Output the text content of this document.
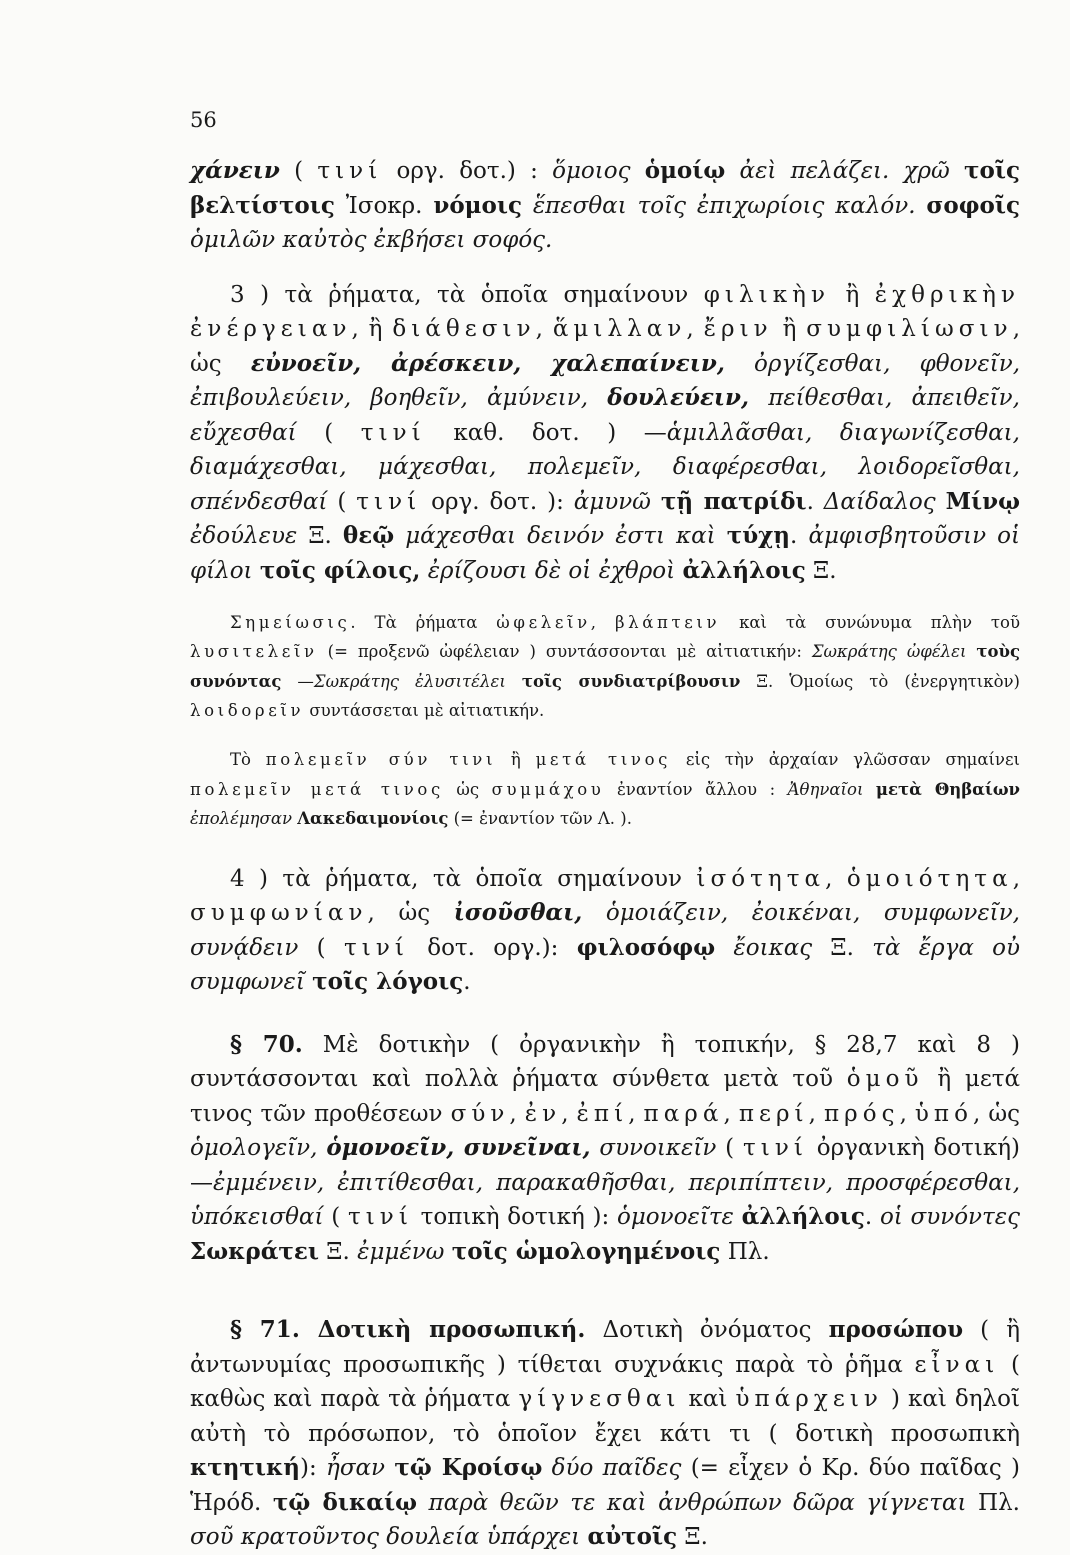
56

χάνειν ( τινί οργ. δοτ.) : ὅμοιος ὁμοίῳ ἀεὶ πελάζει. χρῶ τοῖς βελτίστοις Ἰσοκρ. νόμοις ἕπεσθαι τοῖς ἐπιχωρίοις καλόν. σοφοῖς ὁμιλῶν καὐτὸς ἐκβήσει σοφός.

3 ) τὰ ῥήματα, τὰ ὁποῖα σημαίνουν φιλικὴν ἢ ἐχθρικὴν ἐνέργειαν, ἢ διάθεσιν, ἅμιλλαν, ἔριν ἢ συμφιλίωσιν, ὡς εὐνοεῖν, ἀρέσκειν, χαλεπαίνειν, ὀργίζεσθαι, φθονεῖν, ἐπιβουλεύειν, βοηθεῖν, ἀμύνειν, δουλεύειν, πείθεσθαι, ἀπειθεῖν, εὔχεσθαί ( τινί καθ. δοτ. ) —ἁμιλλᾶσθαι, διαγωνίζεσθαι, διαμάχεσθαι, μάχεσθαι, πολεμεῖν, διαφέρεσθαι, λοιδορεῖσθαι, σπένδεσθαί ( τινί οργ. δοτ. ): ἀμυνῶ τῇ πατρίδι. Δαίδαλος Μίνῳ ἐδούλευε Ξ. θεῷ μάχεσθαι δεινόν ἐστι καὶ τύχῃ. ἀμφισβητοῦσιν οἱ φίλοι τοῖς φίλοις, ἐρίζουσι δὲ οἱ ἐχθροὶ ἀλλήλοις Ξ.

Σημείωσις. Τὰ ῥήματα ὠφελεῖν, βλάπτειν καὶ τὰ συνώνυμα πλὴν τοῦ λυσιτελεῖν (= προξενῶ ὠφέλειαν ) συντάσσονται μὲ αἰτιατικήν: Σωκράτης ὠφέλει τοὺς συνόντας —Σωκράτης ἐλυσιτέλει τοῖς συνδιατρίβουσιν Ξ. Ὁμοίως τὸ (ἐνεργητικὸν) λοιδορεῖν συντάσσεται μὲ αἰτιατικήν.

Τὸ πολεμεῖν σύν τινι ἢ μετά τινος εἰς τὴν ἀρχαίαν γλῶσσαν σημαίνει πολεμεῖν μετά τινος ὡς συμμάχου ἐναντίον ἄλλου : Ἀθηναῖοι μετὰ Θηβαίων ἐπολέμησαν Λακεδαιμονίοις (= ἐναντίον τῶν Λ. ).

4 ) τὰ ῥήματα, τὰ ὁποῖα σημαίνουν ἰσότητα, ὁμοιότητα, συμφωνίαν, ὡς ἰσοῦσθαι, ὁμοιάζειν, ἐοικέναι, συμφωνεῖν, συνᾴδειν ( τινί δοτ. οργ.): φιλοσόφῳ ἔοικας Ξ. τὰ ἔργα οὐ συμφωνεῖ τοῖς λόγοις.

§ 70. Μὲ δοτικὴν ( ὀργανικὴν ἢ τοπικήν, § 28,7 καὶ 8 ) συντάσσονται καὶ πολλὰ ῥήματα σύνθετα μετὰ τοῦ ὁμοῦ ἢ μετά τινος τῶν προθέσεων σύν, ἐν, ἐπί, παρά, περί, πρός, ὑπό, ὡς ὁμολογεῖν, ὁμονοεῖν, συνεῖναι, συνοικεῖν ( τινί ὀργανικὴ δοτική)—ἐμμένειν, ἐπιτίθεσθαι, παρακαθῆσθαι, περιπίπτειν, προσφέρεσθαι, ὑπόκεισθαί ( τινί τοπικὴ δοτική ): ὁμονοεῖτε ἀλλήλοις. οἱ συνόντες Σωκράτει Ξ. ἐμμένω τοῖς ὡμολογημένοις Πλ.

§ 71. Δοτικὴ προσωπική. Δοτικὴ ὀνόματος προσώπου ( ἢ ἀντωνυμίας προσωπικῆς ) τίθεται συχνάκις παρὰ τὸ ῥῆμα εἶναι ( καθὼς καὶ παρὰ τὰ ῥήματα γίγνεσθαι καὶ ὑπάρχειν ) καὶ δηλοῖ αὐτὴ τὸ πρόσωπον, τὸ ὁποῖον ἔχει κάτι τι ( δοτικὴ προσωπικὴ κτητική): ἦσαν τῷ Κροίσῳ δύο παῖδες (= εἶχεν ὁ Κρ. δύο παῖδας ) Ἡρόδ. τῷ δικαίῳ παρὰ θεῶν τε καὶ ἀνθρώπων δῶρα γίγνεται Πλ. σοῦ κρατοῦντος δουλεία ὑπάρχει αὐτοῖς Ξ.
